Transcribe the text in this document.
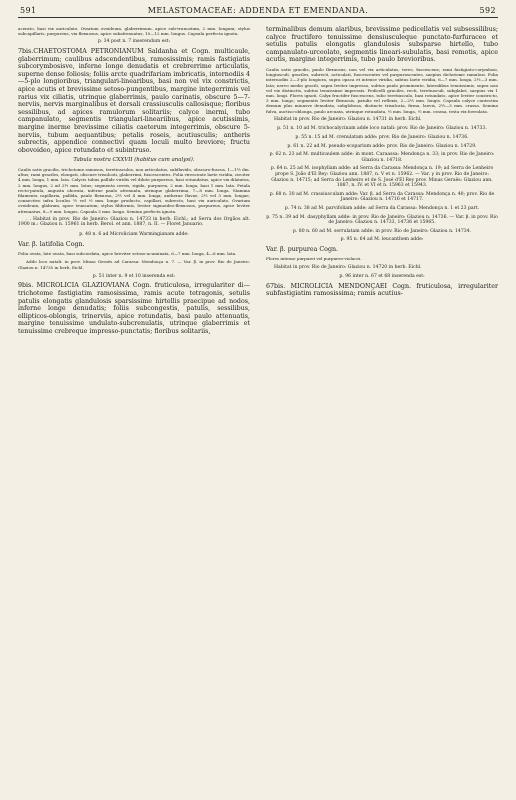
591	MELASTOMACEAE: ADDENDA ET EMENDANDA.	592

acerato, basi vix auriculato. Ovarium ovoideum, glaberrimum, apice sub-truncatum, 2 mm. longum; stylus subcapillaris, purpureus, vix flexuosus, apice subattenuatus, 10—12 mm. longus. Capsula perfecta ignota.

p. 34 post n. 7 inserendum est:

7bis.CHAETOSTOMA PETRONIANUM Saldanha et Cogn. multicaule, glaberrimum; caulibus adscendentibus, ramosissimis; ramis fastigiatis subcorymbosisve, inferne longe denudatis et crebrerrime articulatis, superne dense foliosis; foliis arcte quadrifariam imbricatis, internodiis 4—5-plo longioribus, triangulari-linearibus, basi non vel vix constrictis, apice acutis et brevissime setoso-pungentibus, margine integerrimis vel rarius vix ciliatis, utrinque glaberrimis, paulo carinatis, obscure 5—7-nerviis, nervis marginalibus et dorsali crassiusculis callosisque; floribus sessilibus, ad apices ramulorum solitariis; calyce inermi, tubo campanulato, segmentis triangulari-lineariibus, apice acutissimis, margine inerme brevissime ciliatis caeterum integerrimis, obscure 5-nerviis, tubum aequantibus; petalis roseis, acutiusculis; antheris subrectis, appendice connectivi quam loculi multo breviore; fructu obovoideo, apice rotundato et subintruso.

Tabula nostra CXXVII (habitus cum analysi).

Caulis satis gracilis, trichotome ramosus, teretiusculus, non articulatus, subflavido, obscuro-fuscus, 1—1½ dm. altus; rami graciles, elongati, obscure trisulcati, glaberrimi, fuscescentes. Folia virescente laete viridia, circiter 4 mm. longa, 1 mm. lata. Calycis tubus pallide viridis vel dilute purpureus, basi rotundatus, apice vix dilatatus, 2 mm. longus, 2 ad 2½ mm. latus; segmenta cereis, rigida, purpurea, 2 mm. longa, basi 1 mm. lata. Petala recto-patula, angusta obovata, inferne paulo attenuata, utrinque glaberrima, 7—8 mm. longa. Stamina filamenta capillaria, pallida, paulo flexuosa, 2½ vel 4 mm. longa; antherae flavae, 2½ vel 3 mm. longae, connectivo infra loculos ½ vel ⅓ mm. longe producto, capillari, subrecto, basi vix auriculato. Ovarium ovoideum, glabrum, apice truncatum; stylus filiformis, leviter sigmoideo-flexuosus, purpureus, apice leviter attenuatus, 8—9 mm. longus. Capsula 3 mm. longa. Semina perfecta ignota.

. . Habitat in prov. Rio de Janeiro: Glaziou n. 14733 in herb. Eichl.; ad Serra dos Orgãos alt. 1900 m.: Glaziou n. 15961 in herb. Berol. et ann. 1887, n. II. — Floret Januario.

p. 48 n. 6 ad Microliciam Warmingianam adde:

Var. β. latifolia Cogn.

Folia ovata, late ovata, basi subcordata, apice breviter setoso-acuminata, 6—7 mm. longa, 4—6 mm. lata.

Addo loco natali: in prov. Minas Geraës ad Carassa: Mendonça n. 7. — Var. β. in prov. Rio de Janeiro: Glaziou n. 14735 in herb. Eichl.

p. 51 inter n. 9 et 10 inserenda est:

9bis. MICROLICIA GLAZIOVIANA Cogn. fruticulosa, irregulariter di—trichotome fastigiatim ramosissima, ramis acute tetragonis, setulis patulis elongatis glandulosis sparsissime hirtellis praecipue ad nodos, inferne longe denudatis; foliis subcongestis, patulis, sessilibus, ellipticos-oblongis, trinerviis, apice rotundatis, basi paulo attenuatis, margine tenuissime undulato-subcrenulatis, utrinque glaberrimis et tenuissime crebreque impresso-punctatis; floribus solitariis,

terminalibus demum alaribus, brevissime pedicellatis vel subsessilibus; calyce fructifero tenuissime densiusculeque punctato-furfuraceo et setulis patulis elongatis glandulosis subsparse hirtello, tubo campanulato-urceolato, segmentis lineari-subulatis, basi remotis, apice acutis, margine integerrimis, tubo paulo brevioribus.

Caulis satis gracilis, paulo flexuosus, non vel vix articulatus, teres, fuscescens; rami fastigiato-corymbosi, longiusculi, graciles, subrecti, acticulati, fuscescentes vel purpurascentes, saepius dichotome ramulosi. Folia internodiis 2—3-plo longiora, supra opaca et intense viridia, subtus laete viridia, 6—7 mm. longa, 2½—3 mm. lata; nervo medio gracili, supra leviter impresso, subtus paulo prominente, lateralibus tenuissimis, supra non vel vix distinctis, subtus tenuissime impressis. Pedicelli graciles, recti, teretiusculi, subglabri, saepius vix 1 mm. longi. Flores ignoti. Calyx fructifer fuscescens, tubo teretiusculo, basi rotundato, apice leviter constricto, 3 mm. longo; segmentis leviter flexuosis, patulis vel reflexis, 2—2½ mm. longis. Capsula calyce contectim demum plus minusve denudata, subglobosa, distincte trisulcata, firma, laevis, 2½—3 mm. crassa. Semina fulva, auctiso-oblonga, paulo arcuata, utrinque rotundata, ⅓ mm. longa, ⅙ mm. crassa, testa vix foveolata.

Habitat in prov. Rio de Janeiro: Glaziou n. 14731 in herb. Eichl.

p. 51 n. 10 ad M. trichocalycinam adde loco natali: prov. Rio de Janeiro: Glaziou n. 14733.

p. 55 n. 15 ad M. crenulatam adde: prov. Rio de Janeiro: Glaziou n. 14736.

p. 61 n. 22 ad M. pseudo-scoparium adde: prov. Rio de Janeiro: Glaziou n. 14729.

p. 62 n. 23 ad M. multicaulem adde: in mont. Caraassa: Mendonça n. 33; in prov. Rio de Janeiro: Glaziou n. 14718.

p. 64 n. 25 ad M. isophyllam adde: ad Serra da Carassa: Mendonça n. 19; ad Serra de Lenheiro prope S. João d'El Rey: Glaziou ann. 1887, n. V et n. 15962. — Var. γ in prov. Rio de Janeiro: Glaziou n. 14715; ad Serra do Lenheiro et de S. José d'El Rey prov. Minas Geraës: Glaziou ann. 1887, n. IV. et VI et n. 15963 et 15943.

p. 68 n. 30 ad M. crassiusculam adde: Var. β. ad Serra da Carassa: Mendonça n. 40; prov. Rio de Janeiro: Glaziou n. 14716 et 14717.

p. 74 n. 38 ad M. parvifoliam adde: ad Serra da Carassa: Mendonça n. 1 et 23 part.

p. 75 n. 39 ad M. dasyphyllam adde: in prov. Rio de Janeiro: Glaziou n. 14736. — Var. β. in prov. Rio de Janeiro: Glaziou n. 14733, 14736 et 15965.

p. 80 n. 60 ad M. serrulatam adde: in prov. Rio de Janeiro: Glaziou n. 14734.

p. 95 n. 64 ad M. leucanthem adde:

Var. β. purpurea Cogn.

Flores intense purpurei vel purpureo-violacei.

Habitat in prov. Rio de Janeiro: Glaziou n. 14720 in herb. Eichl.

p. 96 inter n. 67 et 68 inserenda est:

67bis. MICROLICIA MENDONÇAEI Cogn. fruticulosa, irregulariter subfastigiatim ramosissima; ramis acutius-
